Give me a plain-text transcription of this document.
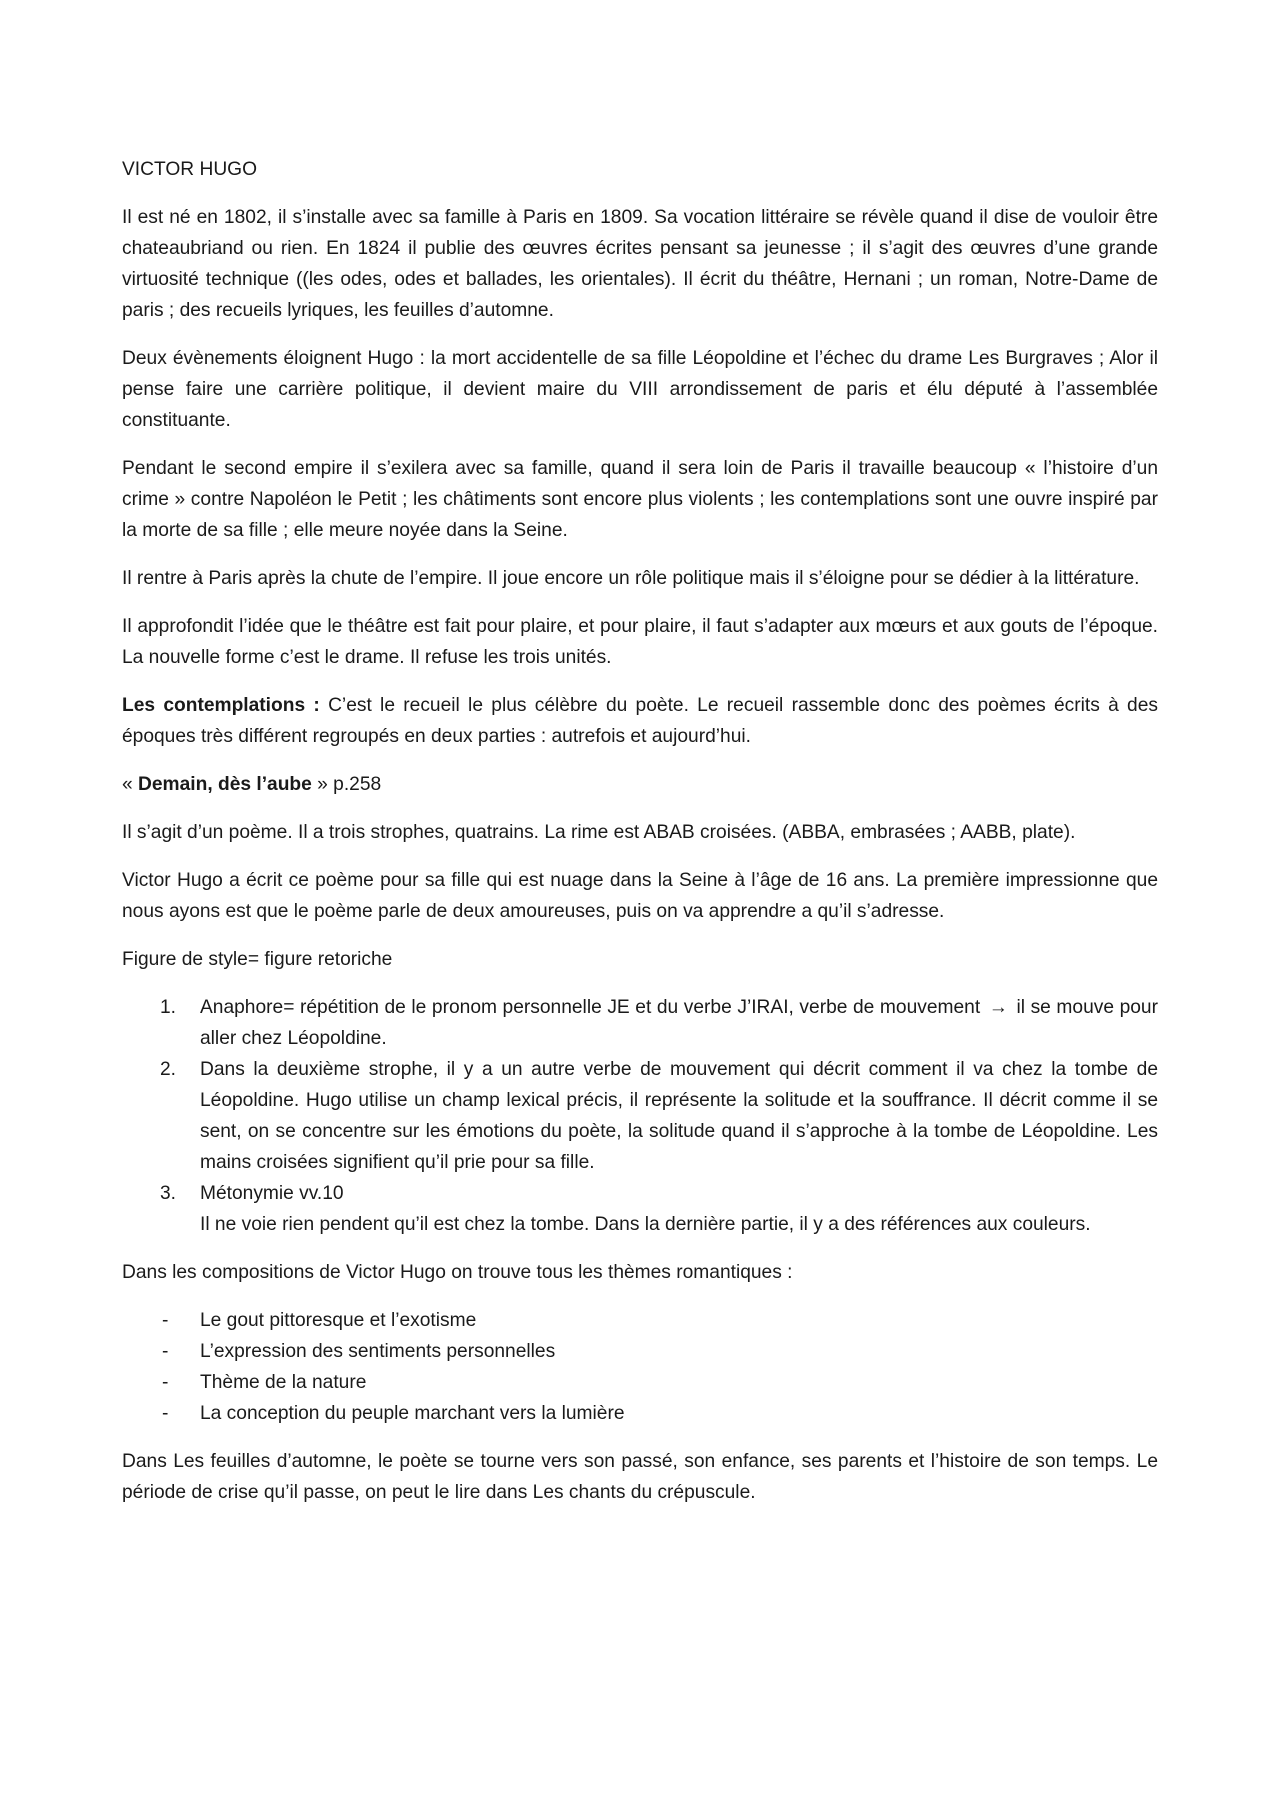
VICTOR HUGO

Il est né en 1802, il s’installe avec sa famille à Paris en 1809. Sa vocation littéraire se révèle quand il dise de vouloir être chateaubriand ou rien. En 1824 il publie des œuvres écrites pensant sa jeunesse ; il s’agit des œuvres d’une grande virtuosité technique ((les odes, odes et ballades, les orientales). Il écrit du théâtre, Hernani ; un roman, Notre-Dame de paris ; des recueils lyriques, les feuilles d’automne.

Deux évènements éloignent Hugo : la mort accidentelle de sa fille Léopoldine et l’échec du drame Les Burgraves ; Alor il pense faire une carrière politique, il devient maire du VIII arrondissement de paris et élu député à l’assemblée constituante.

Pendant le second empire il s’exilera avec sa famille, quand il sera loin de Paris il travaille beaucoup « l’histoire d’un crime » contre Napoléon le Petit ; les châtiments sont encore plus violents ; les contemplations sont une ouvre inspiré par la morte de sa fille ; elle meure noyée dans la Seine.

Il rentre à Paris après la chute de l’empire. Il joue encore un rôle politique mais il s’éloigne pour se dédier à la littérature.

Il approfondit l’idée que le théâtre est fait pour plaire, et pour plaire, il faut s’adapter aux mœurs et aux gouts de l’époque. La nouvelle forme c’est le drame. Il refuse les trois unités.

Les contemplations : C’est le recueil le plus célèbre du poète. Le recueil rassemble donc des poèmes écrits à des époques très différent regroupés en deux parties : autrefois et aujourd’hui.

« Demain, dès l’aube » p.258

Il s’agit d’un poème. Il a trois strophes, quatrains. La rime est ABAB croisées. (ABBA, embrasées ; AABB, plate).

Victor Hugo a écrit ce poème pour sa fille qui est nuage dans la Seine à l’âge de 16 ans. La première impressionne que nous ayons est que le poème parle de deux amoureuses, puis on va apprendre a qu’il s’adresse.

Figure de style= figure retoriche

1. Anaphore= répétition de le pronom personnelle JE et du verbe J’IRAI, verbe de mouvement → il se mouve pour aller chez Léopoldine.
2. Dans la deuxième strophe, il y a un autre verbe de mouvement qui décrit comment il va chez la tombe de Léopoldine. Hugo utilise un champ lexical précis, il représente la solitude et la souffrance. Il décrit comme il se sent, on se concentre sur les émotions du poète, la solitude quand il s’approche à la tombe de Léopoldine. Les mains croisées signifient qu’il prie pour sa fille.
3. Métonymie vv.10
Il ne voie rien pendent qu’il est chez la tombe. Dans la dernière partie, il y a des références aux couleurs.

Dans les compositions de Victor Hugo on trouve tous les thèmes romantiques :

- Le gout pittoresque et l’exotisme
- L’expression des sentiments personnelles
- Thème de la nature
- La conception du peuple marchant vers la lumière

Dans Les feuilles d’automne, le poète se tourne vers son passé, son enfance, ses parents et l’histoire de son temps. Le période de crise qu’il passe, on peut le lire dans Les chants du crépuscule.
